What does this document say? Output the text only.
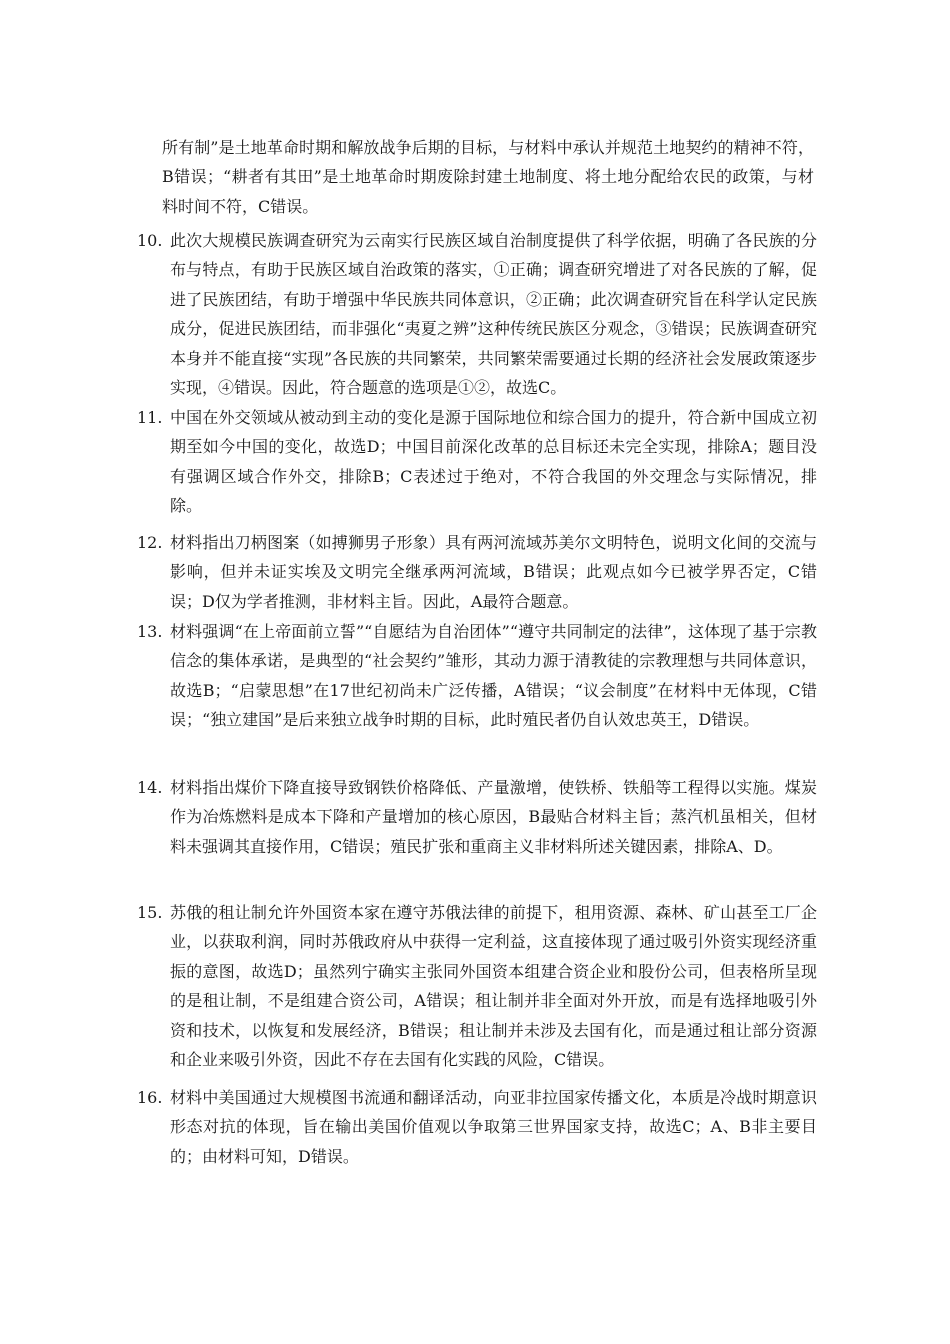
所有制”是土地革命时期和解放战争后期的目标，与材料中承认并规范土地契约的精神不符，B错误；“耕者有其田”是土地革命时期废除封建土地制度、将土地分配给农民的政策，与材料时间不符，C错误。
10. 此次大规模民族调查研究为云南实行民族区域自治制度提供了科学依据，明确了各民族的分布与特点，有助于民族区域自治政策的落实，①正确；调查研究增进了对各民族的了解，促进了民族团结，有助于增强中华民族共同体意识，②正确；此次调查研究旨在科学认定民族成分，促进民族团结，而非强化“夷夏之辨”这种传统民族区分观念，③错误；民族调查研究本身并不能直接“实现”各民族的共同繁荣，共同繁荣需要通过长期的经济社会发展政策逐步实现，④错误。因此，符合题意的选项是①②，故选C。
11. 中国在外交领域从被动到主动的变化是源于国际地位和综合国力的提升，符合新中国成立初期至如今中国的变化，故选D；中国目前深化改革的总目标还未完全实现，排除A；题目没有强调区域合作外交，排除B；C表述过于绝对，不符合我国的外交理念与实际情况，排除。
12. 材料指出刀柄图案（如搏狮男子形象）具有两河流域苏美尔文明特色，说明文化间的交流与影响，但并未证实埃及文明完全继承两河流域，B错误；此观点如今已被学界否定，C错误；D仅为学者推测，非材料主旨。因此，A最符合题意。
13. 材料强调“在上帝面前立誓”“自愿结为自治团体”“遵守共同制定的法律”，这体现了基于宗教信念的集体承诺，是典型的“社会契约”雏形，其动力源于清教徒的宗教理想与共同体意识，故选B；“启蒙思想”在17世纪初尚未广泛传播，A错误；“议会制度”在材料中无体现，C错误；“独立建国”是后来独立战争时期的目标，此时殖民者仍自认效忠英王，D错误。
14. 材料指出煤价下降直接导致钢铁价格降低、产量激增，使铁桥、铁船等工程得以实施。煤炭作为冶炼燃料是成本下降和产量增加的核心原因，B最贴合材料主旨；蒸汽机虽相关，但材料未强调其直接作用，C错误；殖民扩张和重商主义非材料所述关键因素，排除A、D。
15. 苏俄的租让制允许外国资本家在遵守苏俄法律的前提下，租用资源、森林、矿山甚至工厂企业，以获取利润，同时苏俄政府从中获得一定利益，这直接体现了通过吸引外资实现经济重振的意图，故选D；虽然列宁确实主张同外国资本组建合资企业和股份公司，但表格所呈现的是租让制，不是组建合资公司，A错误；租让制并非全面对外开放，而是有选择地吸引外资和技术，以恢复和发展经济，B错误；租让制并未涉及去国有化，而是通过租让部分资源和企业来吸引外资，因此不存在去国有化实践的风险，C错误。
16. 材料中美国通过大规模图书流通和翻译活动，向亚非拉国家传播文化，本质是冷战时期意识形态对抗的体现，旨在输出美国价值观以争取第三世界国家支持，故选C；A、B非主要目的；由材料可知，D错误。
